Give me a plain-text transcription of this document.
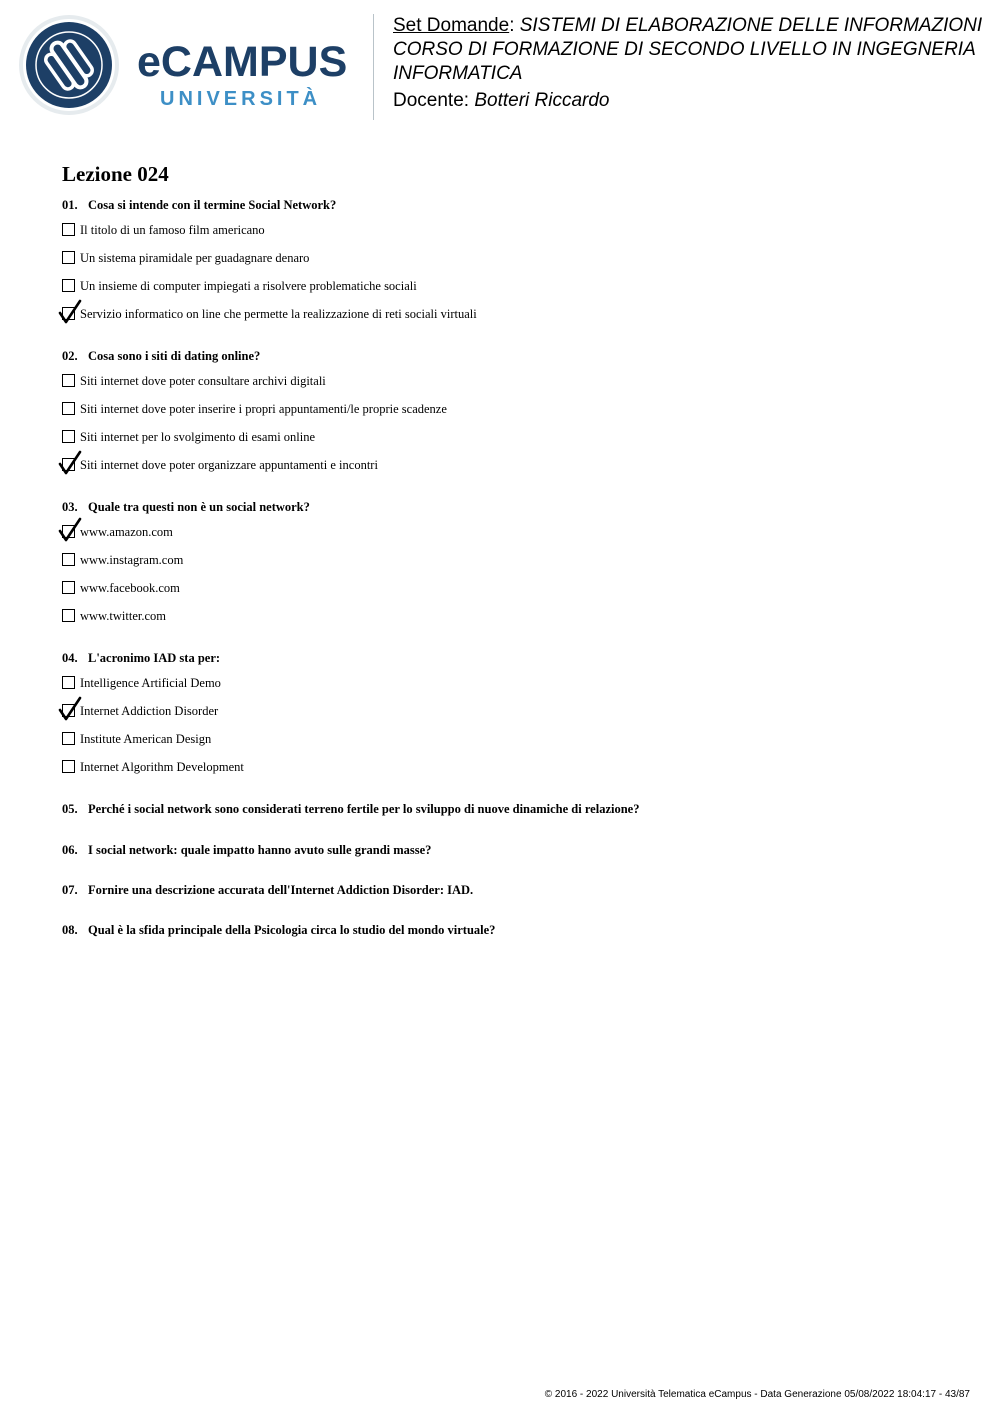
eCAMPUS
UNIVERSITÀ
Set Domande: SISTEMI DI ELABORAZIONE DELLE INFORMAZIONI
CORSO DI FORMAZIONE DI SECONDO LIVELLO IN INGEGNERIA INFORMATICA
Docente: Botteri Riccardo
Lezione 024
01. Cosa si intende con il termine Social Network?
Il titolo di un famoso film americano
Un sistema piramidale per guadagnare denaro
Un insieme di computer impiegati a risolvere problematiche sociali
Servizio informatico on line che permette la realizzazione di reti sociali virtuali
02. Cosa sono i siti di dating online?
Siti internet dove poter consultare archivi digitali
Siti internet dove poter inserire i propri appuntamenti/le proprie scadenze
Siti internet per lo svolgimento di esami online
Siti internet dove poter organizzare appuntamenti e incontri
03. Quale tra questi non è un social network?
www.amazon.com
www.instagram.com
www.facebook.com
www.twitter.com
04. L'acronimo IAD sta per:
Intelligence Artificial Demo
Internet Addiction Disorder
Institute American Design
Internet Algorithm Development
05. Perché i social network sono considerati terreno fertile per lo sviluppo di nuove dinamiche di relazione?
06. I social network: quale impatto hanno avuto sulle grandi masse?
07. Fornire una descrizione accurata dell'Internet Addiction Disorder: IAD.
08. Qual è la sfida principale della Psicologia circa lo studio del mondo virtuale?
© 2016 - 2022 Università Telematica eCampus - Data Generazione 05/08/2022 18:04:17 - 43/87
